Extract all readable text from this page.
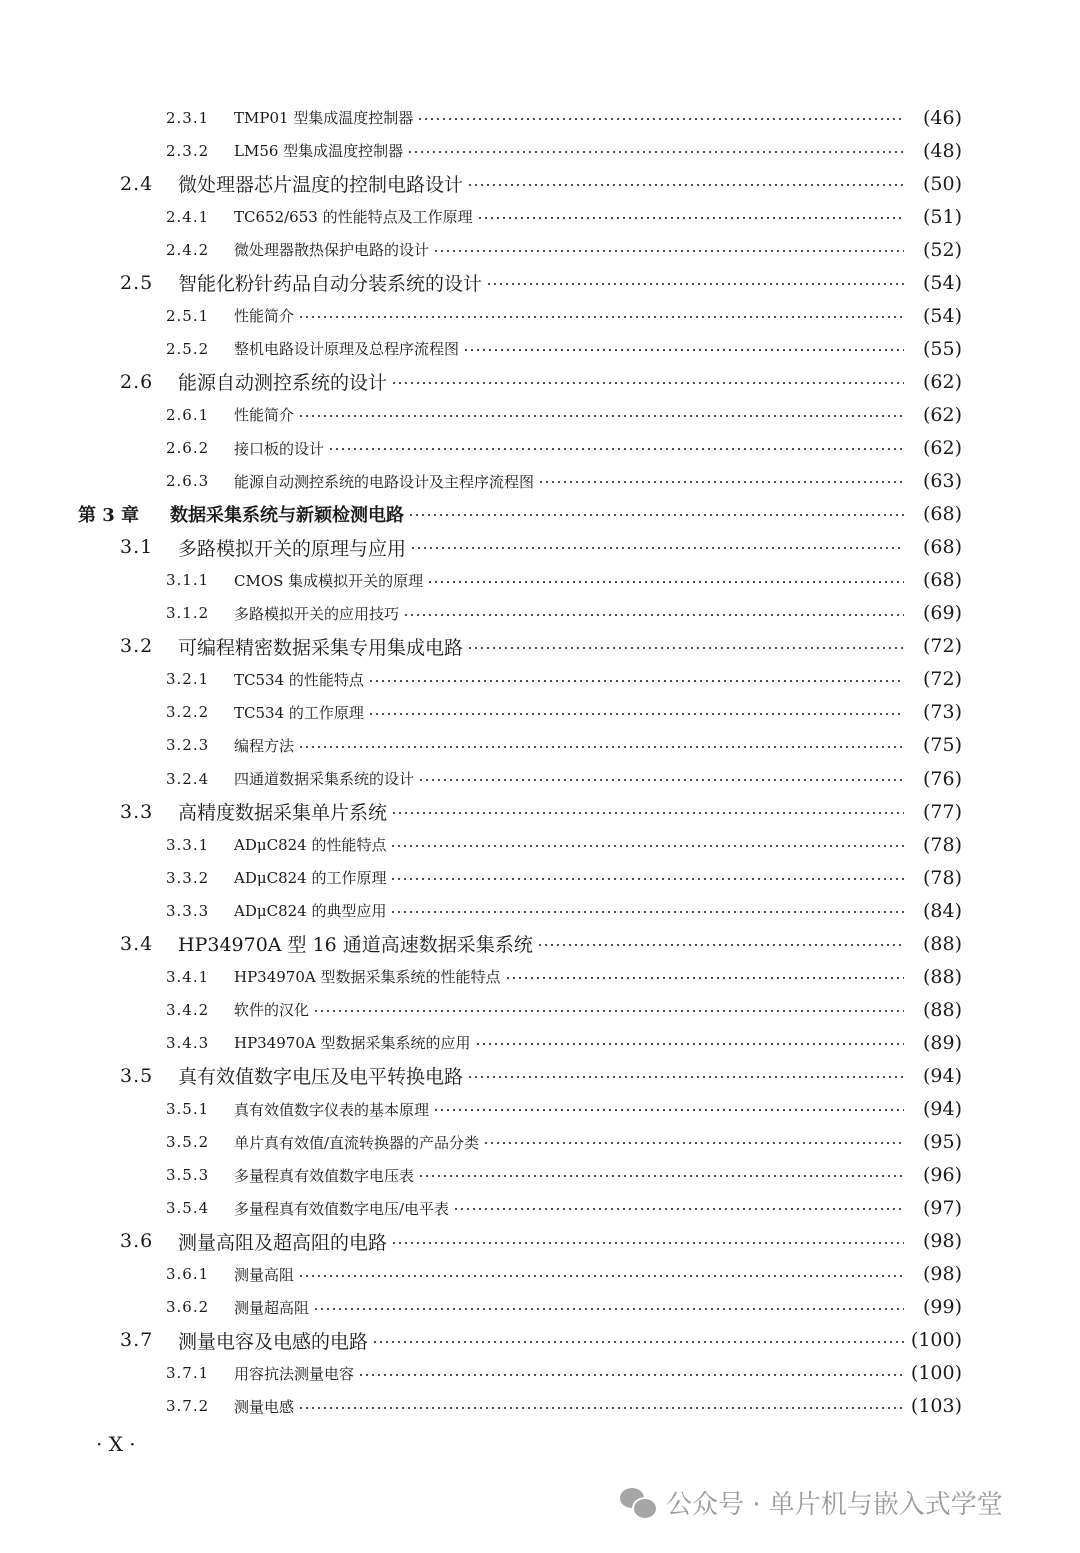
2.3.1	TMP01 型集成温度控制器	(46)
2.3.2	LM56 型集成温度控制器	(48)
2.4	微处理器芯片温度的控制电路设计	(50)
2.4.1	TC652/653 的性能特点及工作原理	(51)
2.4.2	微处理器散热保护电路的设计	(52)
2.5	智能化粉针药品自动分装系统的设计	(54)
2.5.1	性能简介	(54)
2.5.2	整机电路设计原理及总程序流程图	(55)
2.6	能源自动测控系统的设计	(62)
2.6.1	性能简介	(62)
2.6.2	接口板的设计	(62)
2.6.3	能源自动测控系统的电路设计及主程序流程图	(63)
第 3 章	数据采集系统与新颖检测电路	(68)
3.1	多路模拟开关的原理与应用	(68)
3.1.1	CMOS 集成模拟开关的原理	(68)
3.1.2	多路模拟开关的应用技巧	(69)
3.2	可编程精密数据采集专用集成电路	(72)
3.2.1	TC534 的性能特点	(72)
3.2.2	TC534 的工作原理	(73)
3.2.3	编程方法	(75)
3.2.4	四通道数据采集系统的设计	(76)
3.3	高精度数据采集单片系统	(77)
3.3.1	ADμC824 的性能特点	(78)
3.3.2	ADμC824 的工作原理	(78)
3.3.3	ADμC824 的典型应用	(84)
3.4	HP34970A 型 16 通道高速数据采集系统	(88)
3.4.1	HP34970A 型数据采集系统的性能特点	(88)
3.4.2	软件的汉化	(88)
3.4.3	HP34970A 型数据采集系统的应用	(89)
3.5	真有效值数字电压及电平转换电路	(94)
3.5.1	真有效值数字仪表的基本原理	(94)
3.5.2	单片真有效值/直流转换器的产品分类	(95)
3.5.3	多量程真有效值数字电压表	(96)
3.5.4	多量程真有效值数字电压/电平表	(97)
3.6	测量高阻及超高阻的电路	(98)
3.6.1	测量高阻	(98)
3.6.2	测量超高阻	(99)
3.7	测量电容及电感的电路	(100)
3.7.1	用容抗法测量电容	(100)
3.7.2	测量电感	(103)
· Ⅹ ·
公众号 · 单片机与嵌入式学堂
